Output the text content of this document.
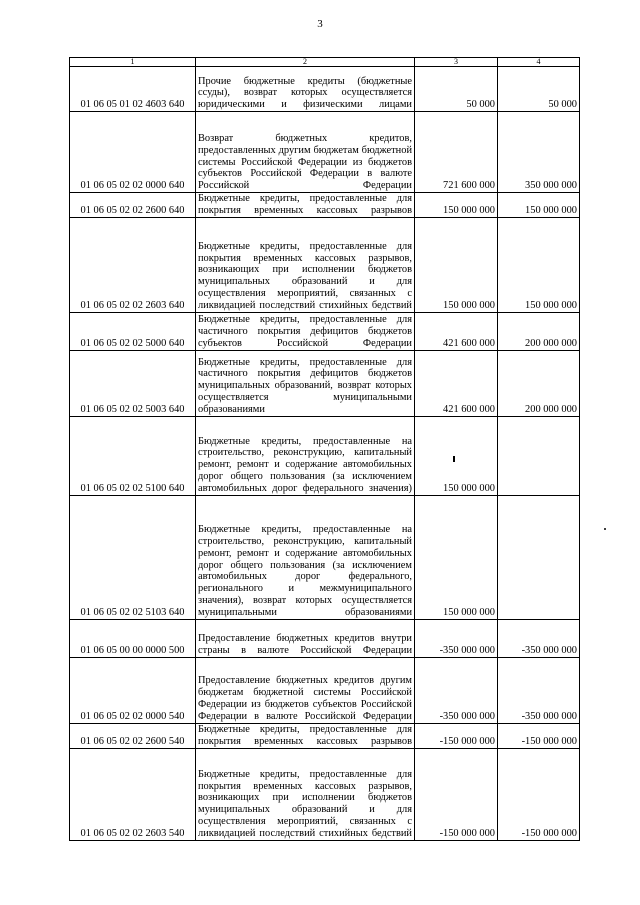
3
1	2	3	4
01 06 05 01 02 4603 640	Прочие бюджетные кредиты (бюджетные ссуды), возврат которых осуществляется юридическими и физическими лицами	50 000	50 000
01 06 05 02 02 0000 640	Возврат бюджетных кредитов, предоставленных другим бюджетам бюджетной системы Российской Федерации из бюджетов субъектов Российской Федерации в валюте Российской Федерации	721 600 000	350 000 000
01 06 05 02 02 2600 640	Бюджетные кредиты, предоставленные для покрытия временных кассовых разрывов	150 000 000	150 000 000
01 06 05 02 02 2603 640	Бюджетные кредиты, предоставленные для покрытия временных кассовых разрывов, возникающих при исполнении бюджетов муниципальных образований и для осуществления мероприятий, связанных с ликвидацией последствий стихийных бедствий	150 000 000	150 000 000
01 06 05 02 02 5000 640	Бюджетные кредиты, предоставленные для частичного покрытия дефицитов бюджетов субъектов Российской Федерации	421 600 000	200 000 000
01 06 05 02 02 5003 640	Бюджетные кредиты, предоставленные для частичного покрытия дефицитов бюджетов муниципальных образований, возврат которых осуществляется муниципальными образованиями	421 600 000	200 000 000
01 06 05 02 02 5100 640	Бюджетные кредиты, предоставленные на строительство, реконструкцию, капитальный ремонт, ремонт и содержание автомобильных дорог общего пользования (за исключением автомобильных дорог федерального значения)	150 000 000	
01 06 05 02 02 5103 640	Бюджетные кредиты, предоставленные на строительство, реконструкцию, капитальный ремонт, ремонт и содержание автомобильных дорог общего пользования (за исключением автомобильных дорог федерального, регионального и межмуниципального значения), возврат которых осуществляется муниципальными образованиями	150 000 000	
01 06 05 00 00 0000 500	Предоставление бюджетных кредитов внутри страны в валюте Российской Федерации	-350 000 000	-350 000 000
01 06 05 02 02 0000 540	Предоставление бюджетных кредитов другим бюджетам бюджетной системы Российской Федерации из бюджетов субъектов Российской Федерации в валюте Российской Федерации	-350 000 000	-350 000 000
01 06 05 02 02 2600 540	Бюджетные кредиты, предоставленные для покрытия временных кассовых разрывов	-150 000 000	-150 000 000
01 06 05 02 02 2603 540	Бюджетные кредиты, предоставленные для покрытия временных кассовых разрывов, возникающих при исполнении бюджетов муниципальных образований и для осуществления мероприятий, связанных с ликвидацией последствий стихийных бедствий	-150 000 000	-150 000 000
